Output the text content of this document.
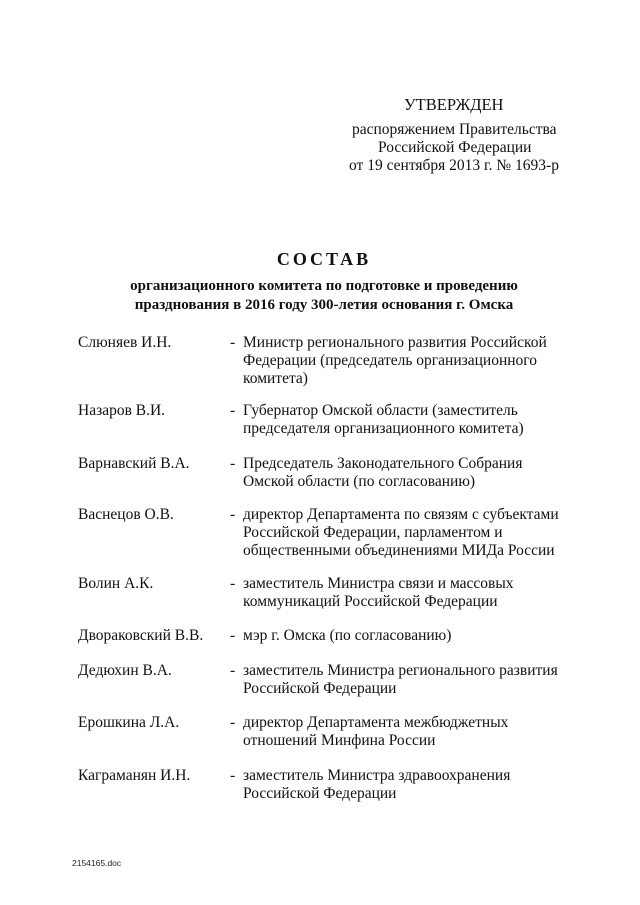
УТВЕРЖДЕН
распоряжением Правительства
Российской Федерации
от 19 сентября 2013 г. № 1693-р
СОСТАВ
организационного комитета по подготовке и проведению
празднования в 2016 году 300-летия основания г. Омска
Слюняев И.Н.	- Министр регионального развития Российской
Федерации (председатель организационного
комитета)
Назаров В.И.	- Губернатор Омской области (заместитель
председателя организационного комитета)
Варнавский В.А.	- Председатель Законодательного Собрания
Омской области (по согласованию)
Васнецов О.В.	- директор Департамента по связям с субъектами
Российской Федерации, парламентом и
общественными объединениями МИДа России
Волин А.К.	- заместитель Министра связи и массовых
коммуникаций Российской Федерации
Двораковский В.В. - мэр г. Омска (по согласованию)
Дедюхин В.А.	- заместитель Министра регионального развития
Российской Федерации
Ерошкина Л.А.	- директор Департамента межбюджетных
отношений Минфина России
Каграманян И.Н.	- заместитель Министра здравоохранения
Российской Федерации
2154165.doc
